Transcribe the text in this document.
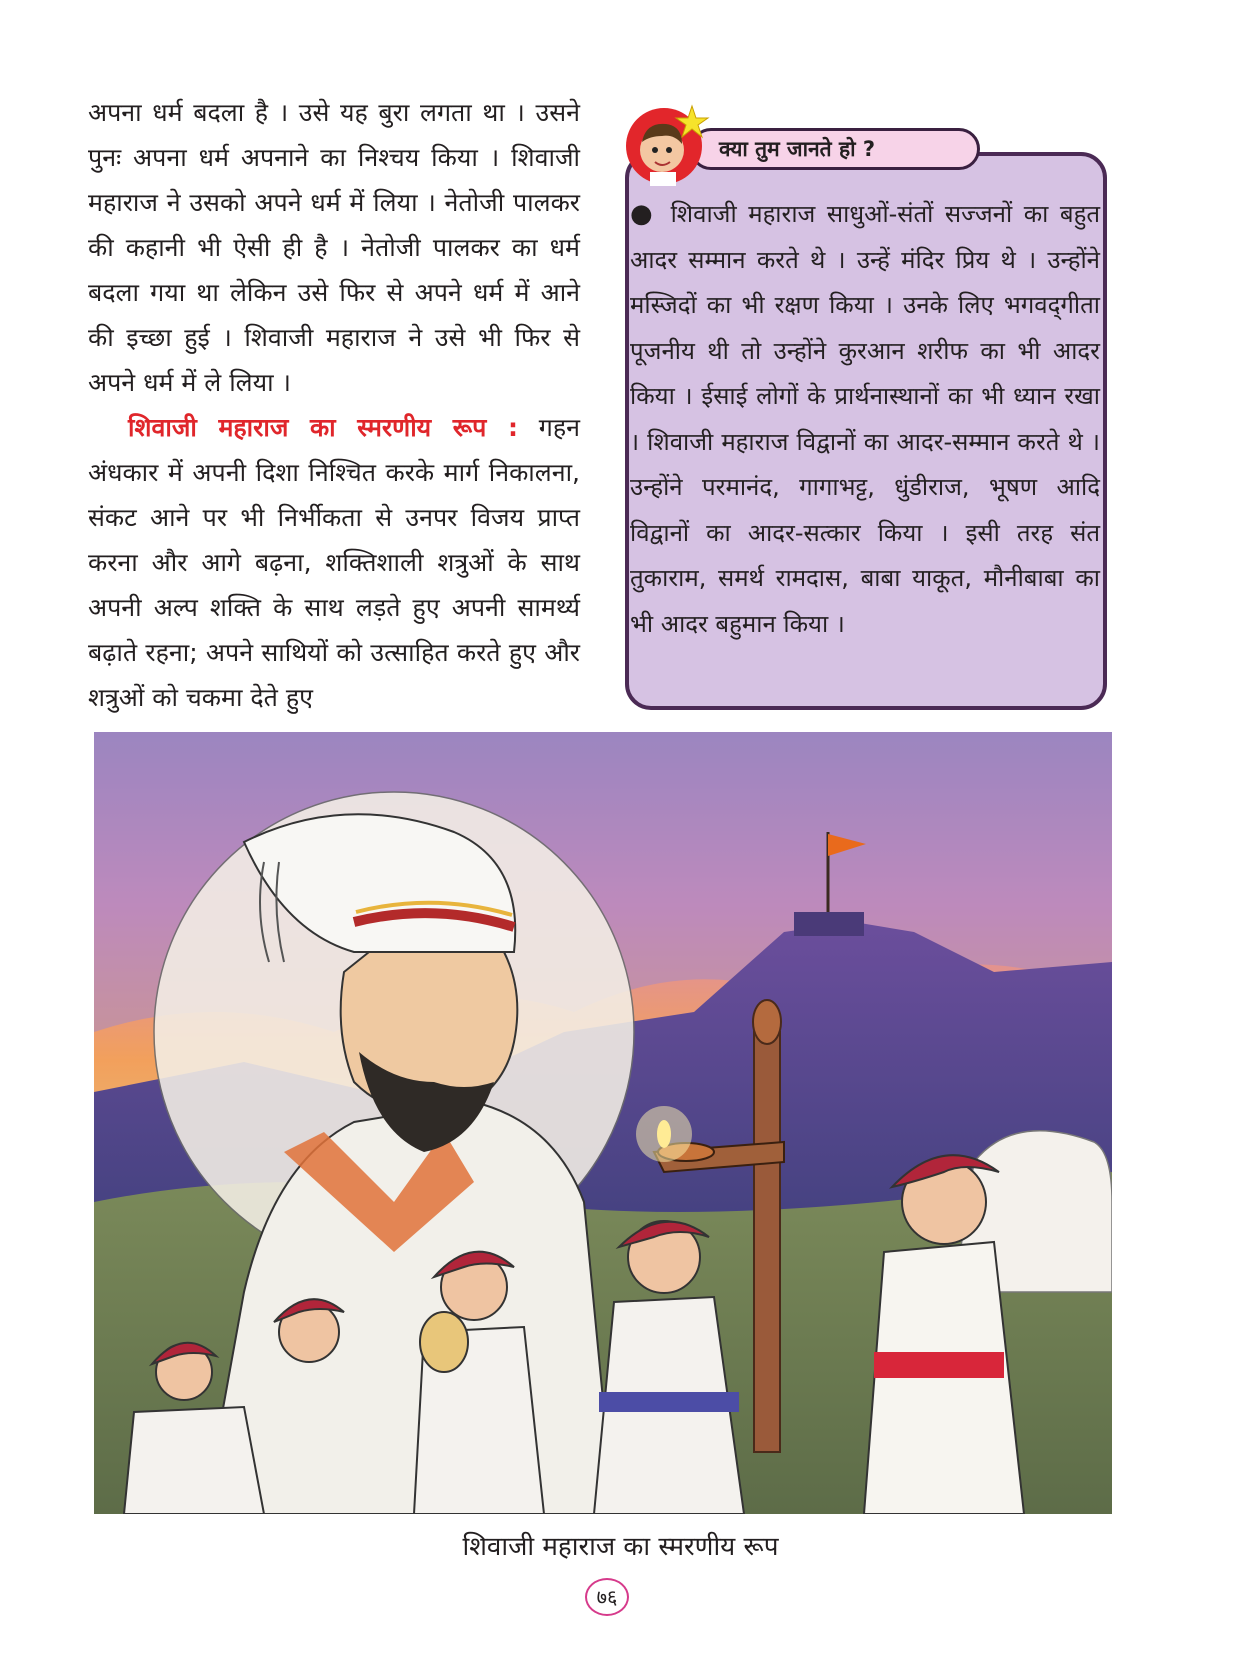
अपना धर्म बदला है । उसे यह बुरा लगता था । उसने पुनः अपना धर्म अपनाने का निश्चय किया । शिवाजी महाराज ने उसको अपने धर्म में लिया । नेतोजी पालकर की कहानी भी ऐसी ही है । नेतोजी पालकर का धर्म बदला गया था लेकिन उसे फिर से अपने धर्म में आने की इच्छा हुई । शिवाजी महाराज ने उसे भी फिर से अपने धर्म में ले लिया ।

शिवाजी महाराज का स्मरणीय रूप : गहन अंधकार में अपनी दिशा निश्चित करके मार्ग निकालना, संकट आने पर भी निर्भीकता से उनपर विजय प्राप्त करना और आगे बढ़ना, शक्तिशाली शत्रुओं के साथ अपनी अल्प शक्ति के साथ लड़ते हुए अपनी सामर्थ्य बढ़ाते रहना; अपने साथियों को उत्साहित करते हुए और शत्रुओं को चकमा देते हुए

● शिवाजी महाराज साधुओं-संतों सज्जनों का बहुत आदर सम्मान करते थे । उन्हें मंदिर प्रिय थे । उन्होंने मस्जिदों का भी रक्षण किया । उनके लिए भगवद्‌गीता पूजनीय थी तो उन्होंने कुरआन शरीफ का भी आदर किया । ईसाई लोगों के प्रार्थनास्थानों का भी ध्यान रखा । शिवाजी महाराज विद्वानों का आदर-सम्मान करते थे । उन्होंने परमानंद, गागाभट्ट, धुंडीराज, भूषण आदि विद्वानों का आदर-सत्कार किया । इसी तरह संत तुकाराम, समर्थ रामदास, बाबा याकूत, मौनीबाबा का भी आदर बहुमान किया ।
क्या तुम जानते हो ?
शिवाजी महाराज का स्मरणीय रूप
७६
